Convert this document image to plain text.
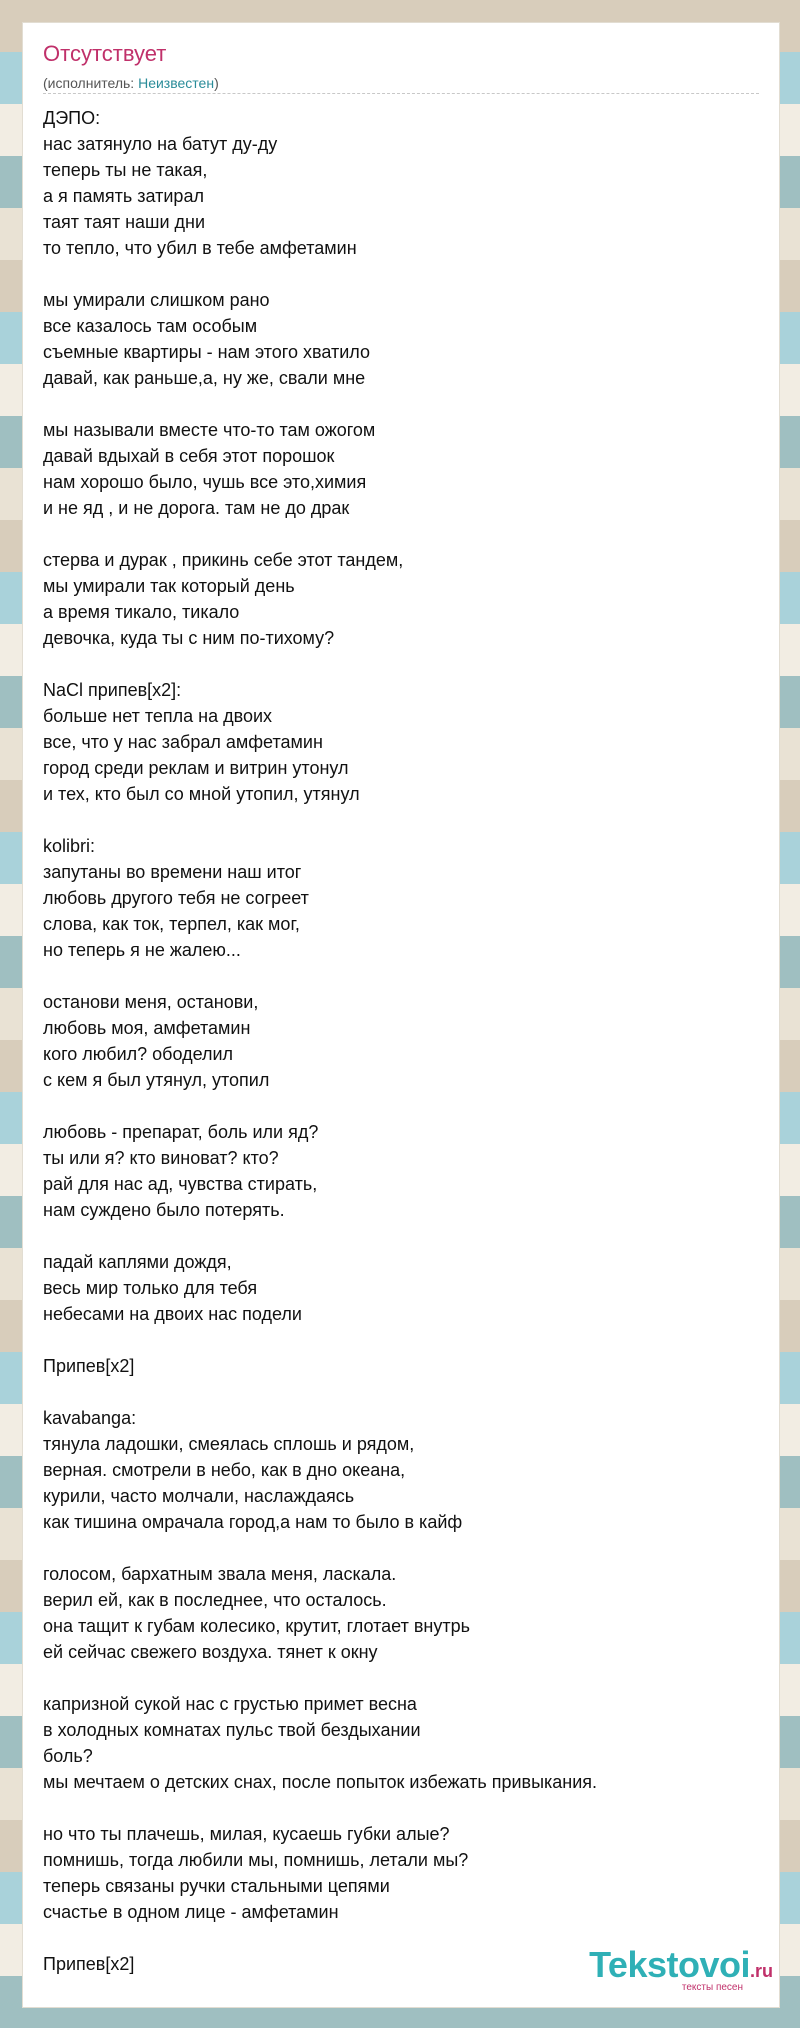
Отсутствует
(исполнитель: Неизвестен)
ДЭПО:
нас затянуло на батут ду-ду
теперь ты не такая,
а я память затирал
таят таят наши дни
то тепло, что убил в тебе амфетамин
мы умирали слишком рано
все казалось там особым
съемные квартиры - нам этого хватило
давай, как раньше,а, ну же, свали мне
мы называли вместе что-то там ожогом
давай вдыхай в себя этот порошок
нам хорошо было, чушь все это,химия
и не яд , и не дорога. там не до драк
стерва и дурак , прикинь себе этот тандем,
мы умирали так который день
а время тикало, тикало
девочка, куда ты с ним по-тихому?
NaCl припев[x2]:
больше нет тепла на двоих
все, что у нас забрал амфетамин
город среди реклам и витрин утонул
и тех, кто был со мной утопил, утянул
kolibri:
запутаны во времени наш итог
любовь другого тебя не согреет
слова, как ток, терпел, как мог,
но теперь я не жалею...
останови меня, останови,
любовь моя, амфетамин
кого любил? ободелил
с кем я был утянул, утопил
любовь - препарат, боль или яд?
ты или я? кто виноват? кто?
рай для нас ад, чувства стирать,
нам суждено было потерять.
падай каплями дождя,
весь мир только для тебя
небесами на двоих нас подели
Припев[x2]
kavabanga:
тянула ладошки, смеялась сплошь и рядом,
верная. смотрели в небо, как в дно океана,
курили, часто молчали, наслаждаясь
как тишина омрачала город,а нам то было в кайф
голосом, бархатным звала меня, ласкала.
верил ей, как в последнее, что осталось.
она тащит к губам колесико, крутит, глотает внутрь
ей сейчас свежего воздуха. тянет к окну
капризной сукой нас с грустью примет весна
в холодных комнатах пульс твой бездыхании
боль?
мы мечтаем о детских снах, после попыток избежать привыкания.
но что ты плачешь, милая, кусаешь губки алые?
помнишь, тогда любили мы, помнишь, летали мы?
теперь связаны ручки стальными цепями
счастье в одном лице - амфетамин
Припев[x2]	Tekstovoi.ru
тексты песен
